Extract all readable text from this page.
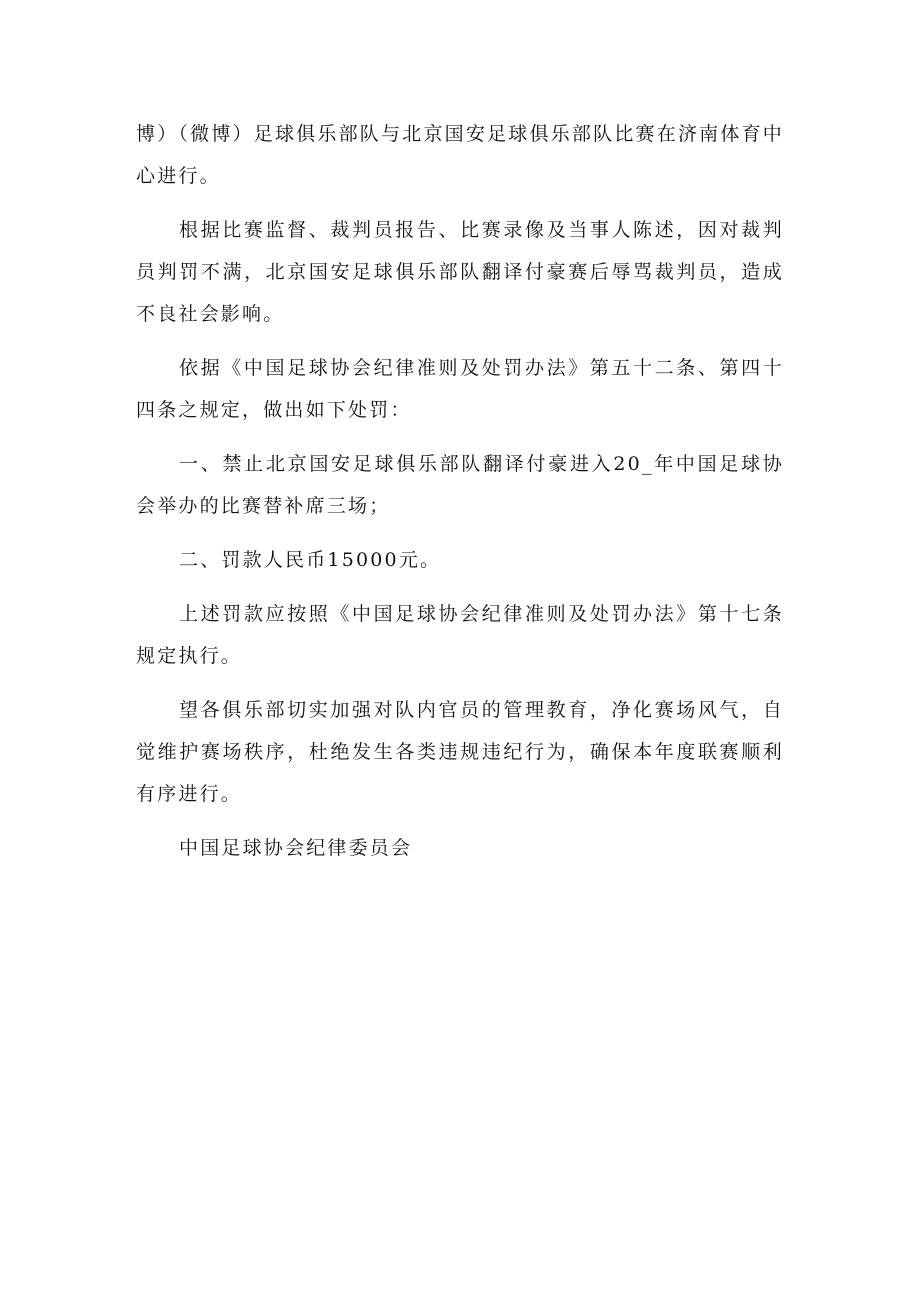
博）（微博）足球俱乐部队与北京国安足球俱乐部队比赛在济南体育中心进行。

根据比赛监督、裁判员报告、比赛录像及当事人陈述，因对裁判员判罚不满，北京国安足球俱乐部队翻译付豪赛后辱骂裁判员，造成不良社会影响。

依据《中国足球协会纪律准则及处罚办法》第五十二条、第四十四条之规定，做出如下处罚：

一、禁止北京国安足球俱乐部队翻译付豪进入20_年中国足球协会举办的比赛替补席三场；

二、罚款人民币15000元。

上述罚款应按照《中国足球协会纪律准则及处罚办法》第十七条规定执行。

望各俱乐部切实加强对队内官员的管理教育，净化赛场风气，自觉维护赛场秩序，杜绝发生各类违规违纪行为，确保本年度联赛顺利有序进行。

中国足球协会纪律委员会
